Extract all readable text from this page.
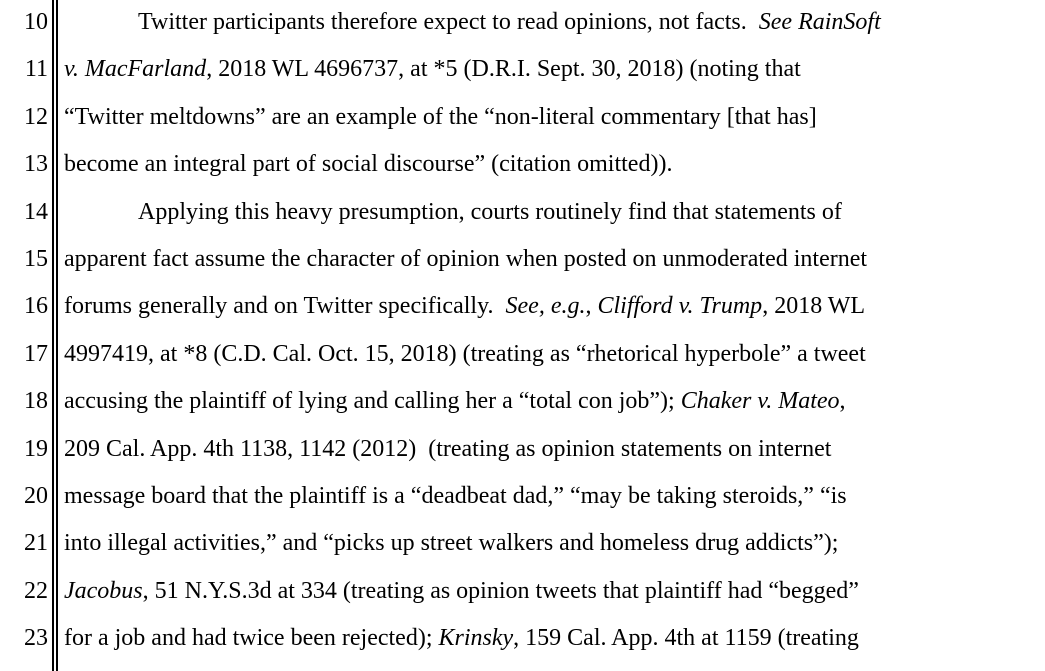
10
11
12
13
14
15
16
17
18
19
20
21
22
23
Twitter participants therefore expect to read opinions, not facts.  See RainSoft
v. MacFarland, 2018 WL 4696737, at *5 (D.R.I. Sept. 30, 2018) (noting that
“Twitter meltdowns” are an example of the “non-literal commentary [that has]
become an integral part of social discourse” (citation omitted)).
Applying this heavy presumption, courts routinely find that statements of
apparent fact assume the character of opinion when posted on unmoderated internet
forums generally and on Twitter specifically.  See, e.g., Clifford v. Trump, 2018 WL
4997419, at *8 (C.D. Cal. Oct. 15, 2018) (treating as “rhetorical hyperbole” a tweet
accusing the plaintiff of lying and calling her a “total con job”); Chaker v. Mateo,
209 Cal. App. 4th 1138, 1142 (2012)  (treating as opinion statements on internet
message board that the plaintiff is a “deadbeat dad,” “may be taking steroids,” “is
into illegal activities,” and “picks up street walkers and homeless drug addicts”);
Jacobus, 51 N.Y.S.3d at 334 (treating as opinion tweets that plaintiff had “begged”
for a job and had twice been rejected); Krinsky, 159 Cal. App. 4th at 1159 (treating
